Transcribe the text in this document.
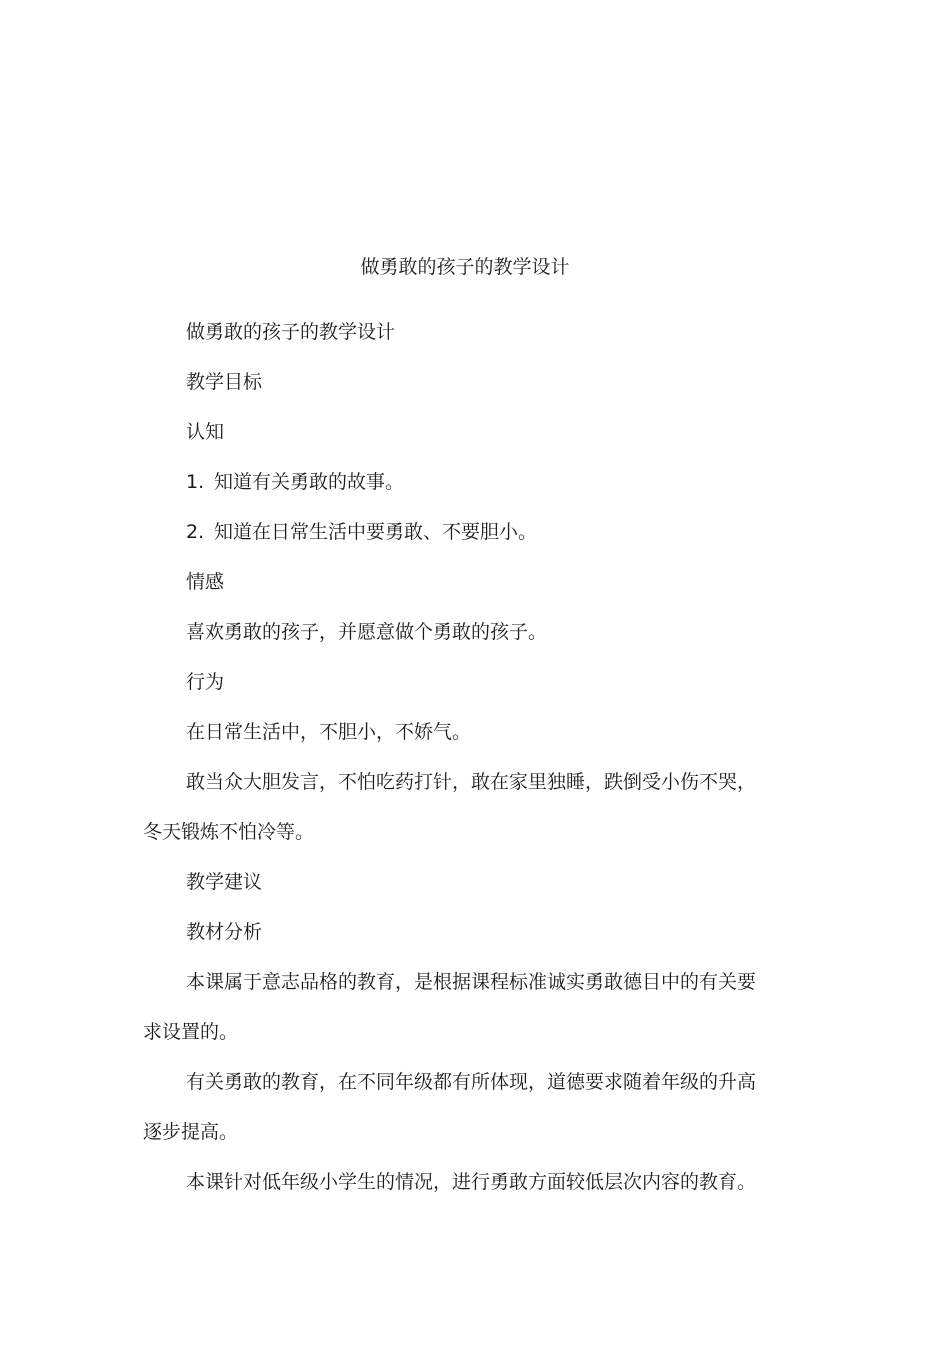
做勇敢的孩子的教学设计
做勇敢的孩子的教学设计
教学目标
认知
1. 知道有关勇敢的故事。
2. 知道在日常生活中要勇敢、不要胆小。
情感
喜欢勇敢的孩子，并愿意做个勇敢的孩子。
行为
在日常生活中，不胆小，不娇气。
敢当众大胆发言，不怕吃药打针，敢在家里独睡，跌倒受小伤不哭，
冬天锻炼不怕冷等。
教学建议
教材分析
本课属于意志品格的教育，是根据课程标准诚实勇敢德目中的有关要
求设置的。
有关勇敢的教育，在不同年级都有所体现，道德要求随着年级的升高
逐步提高。
本课针对低年级小学生的情况，进行勇敢方面较低层次内容的教育。
